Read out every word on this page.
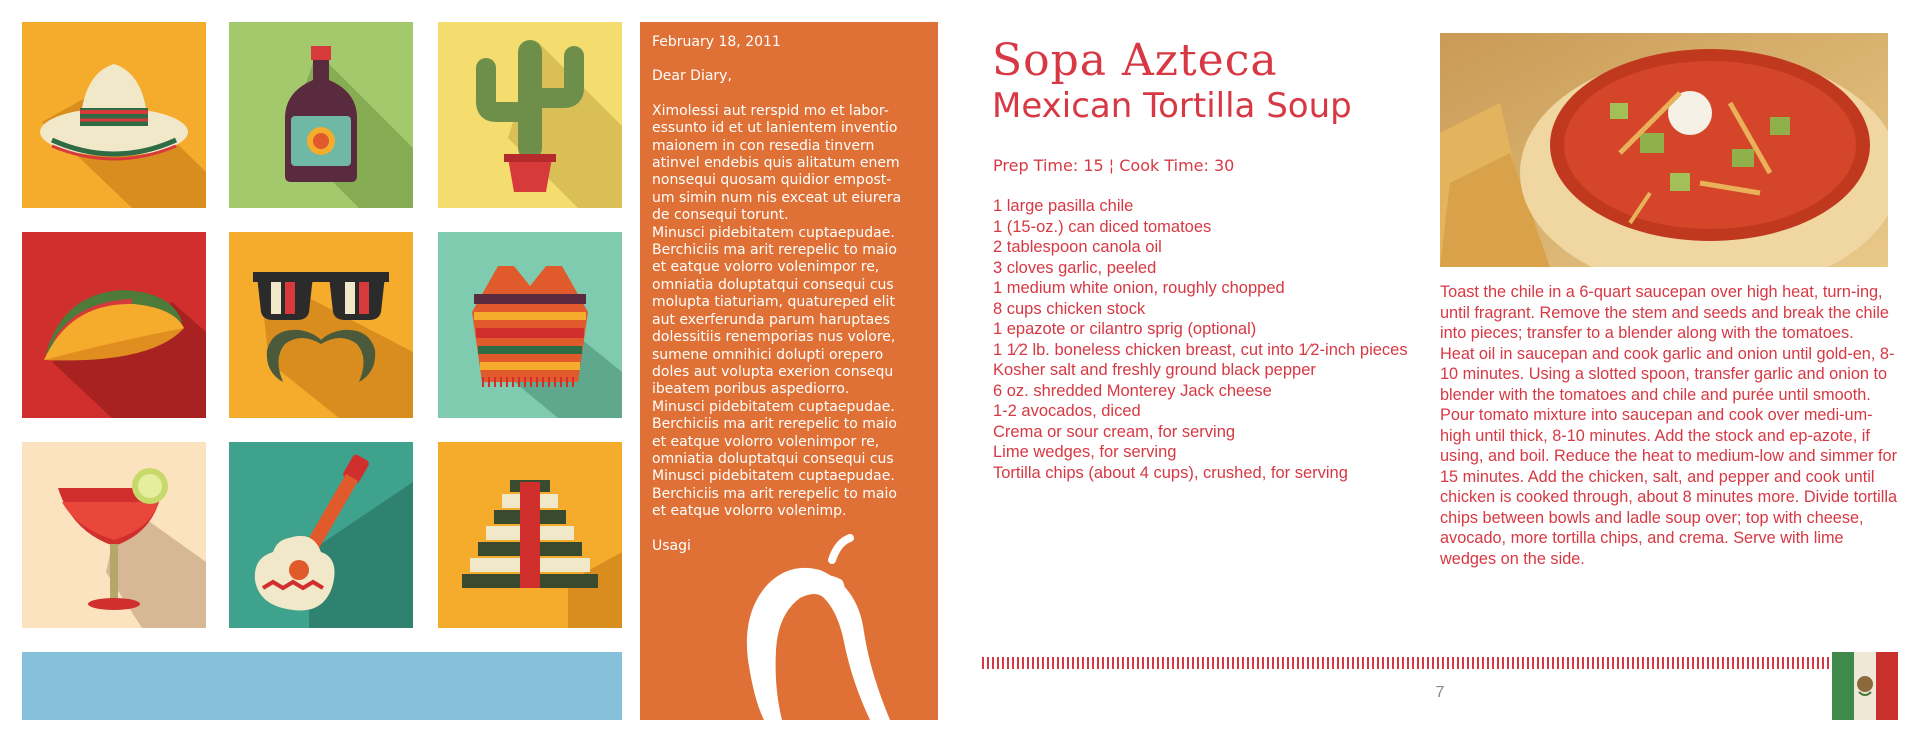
February 18, 2011
Dear Diary,
Ximolessi aut rerspid mo et labor-
essunto id et ut lanientem inventio
maionem in con resedia tinvern
atinvel endebis quis alitatum enem
nonsequi quosam quidior empost-
um simin num nis exceat ut eiurera
de consequi torunt.
Minusci pidebitatem cuptaepudae.
Berchiciis ma arit rerepelic to maio
et eatque volorro volenimpor re,
omniatia doluptatqui consequi cus
molupta tiaturiam, quatureped elit
aut exerferunda parum haruptaes
dolessitiis renemporias nus volore,
sumene omnihici dolupti orepero
doles aut volupta exerion consequ
ibeatem poribus aspediorro.
Minusci pidebitatem cuptaepudae.
Berchiciis ma arit rerepelic to maio
et eatque volorro volenimpor re,
omniatia doluptatqui consequi cus
Minusci pidebitatem cuptaepudae.
Berchiciis ma arit rerepelic to maio
et eatque volorro volenimp.
Usagi
Sopa Azteca
Mexican Tortilla Soup
Prep Time: 15 ¦ Cook Time: 30
1 large pasilla chile
1 (15-oz.) can diced tomatoes
2 tablespoon canola oil
3 cloves garlic, peeled
1 medium white onion, roughly chopped
8 cups chicken stock
1 epazote or cilantro sprig (optional)
1 1⁄2 lb. boneless chicken breast, cut into 1⁄2-inch pieces
Kosher salt and freshly ground black pepper
6 oz. shredded Monterey Jack cheese
1-2 avocados, diced
Crema or sour cream, for serving
Lime wedges, for serving
Tortilla chips (about 4 cups), crushed, for serving

Toast the chile in a 6-quart saucepan over high heat, turn-ing, until fragrant. Remove the stem and seeds and break the chile into pieces; transfer to a blender along with the tomatoes.

Heat oil in saucepan and cook garlic and onion until gold-en, 8-10 minutes. Using a slotted spoon, transfer garlic and onion to blender with the tomatoes and chile and purée until smooth.

Pour tomato mixture into saucepan and cook over medi-um-high until thick, 8-10 minutes. Add the stock and ep-azote, if using, and boil. Reduce the heat to medium-low and simmer for 15 minutes. Add the chicken, salt, and pepper and cook until chicken is cooked through, about 8 minutes more. Divide tortilla chips between bowls and ladle soup over; top with cheese, avocado, more tortilla chips, and crema. Serve with lime wedges on the side.

7
